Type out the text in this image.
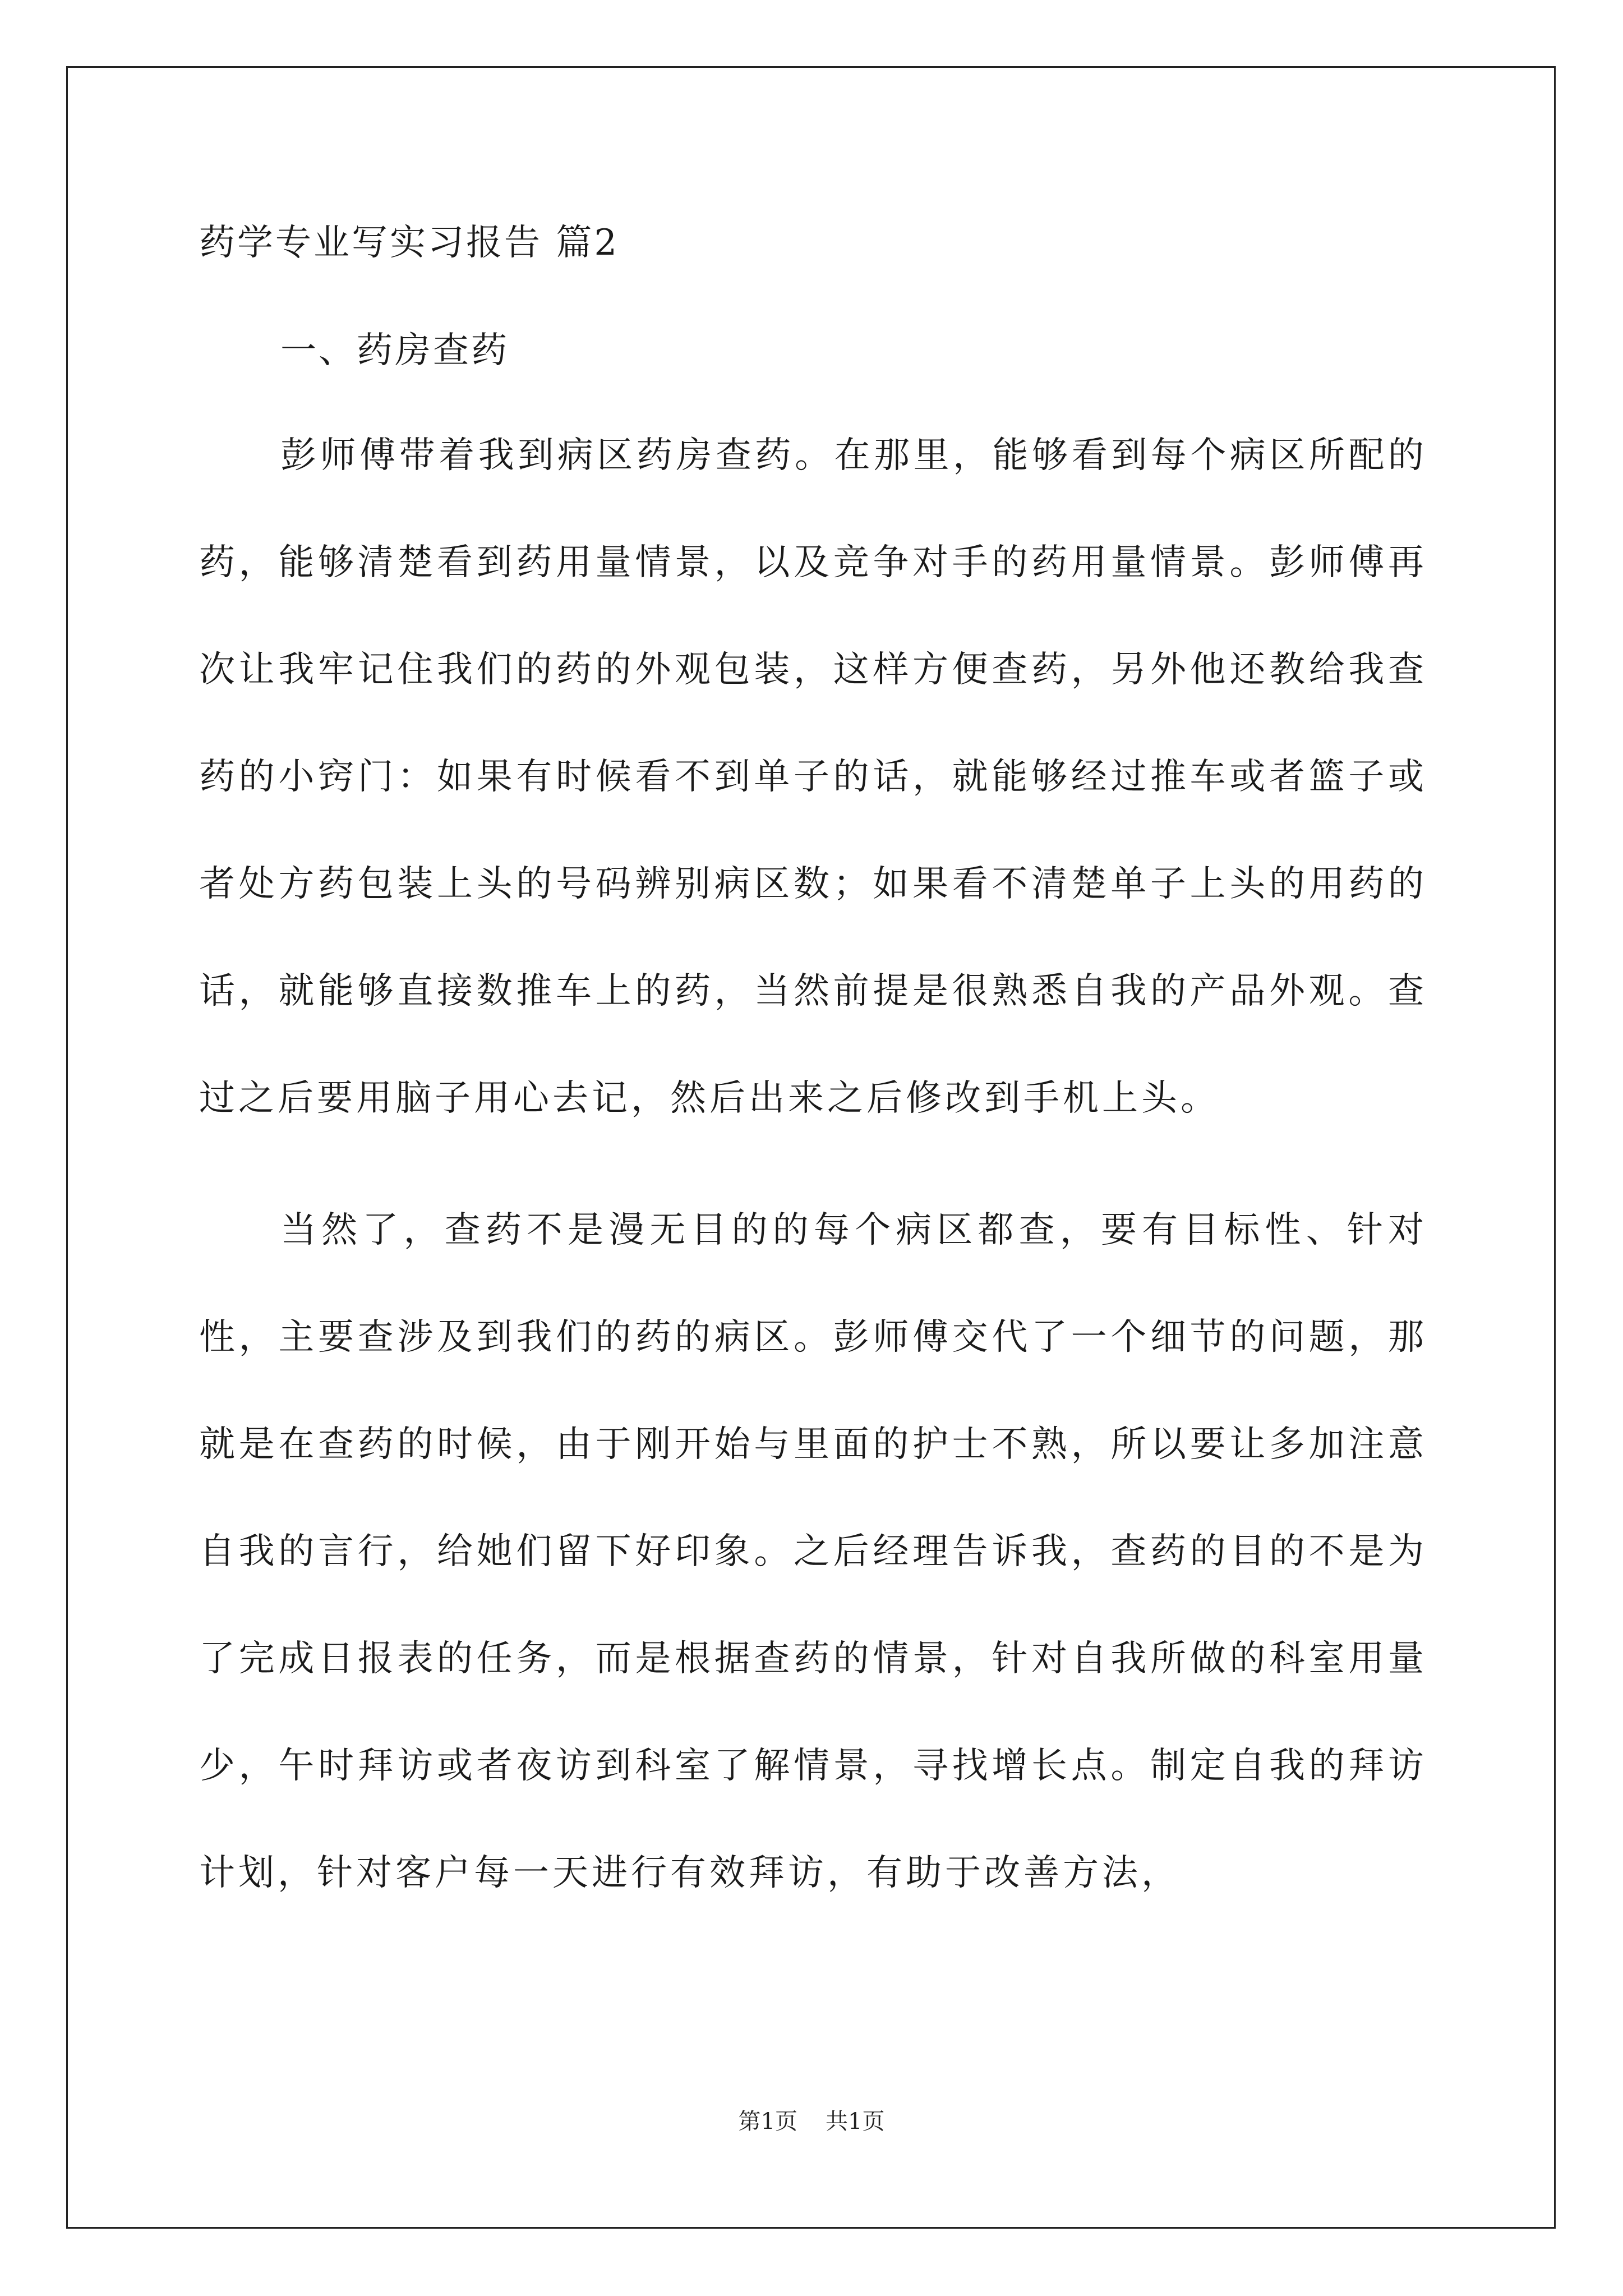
药学专业写实习报告 篇2
一、药房查药

彭师傅带着我到病区药房查药。在那里，能够看到每个病区所配的药，能够清楚看到药用量情景，以及竞争对手的药用量情景。彭师傅再次让我牢记住我们的药的外观包装，这样方便查药，另外他还教给我查药的小窍门：如果有时候看不到单子的话，就能够经过推车或者篮子或者处方药包装上头的号码辨别病区数；如果看不清楚单子上头的用药的话，就能够直接数推车上的药，当然前提是很熟悉自我的产品外观。查过之后要用脑子用心去记，然后出来之后修改到手机上头。

当然了，查药不是漫无目的的每个病区都查，要有目标性、针对性，主要查涉及到我们的药的病区。彭师傅交代了一个细节的问题，那就是在查药的时候，由于刚开始与里面的护士不熟，所以要让多加注意自我的言行，给她们留下好印象。之后经理告诉我，查药的目的不是为了完成日报表的任务，而是根据查药的情景，针对自我所做的科室用量少，午时拜访或者夜访到科室了解情景，寻找增长点。制定自我的拜访计划，针对客户每一天进行有效拜访，有助于改善方法，

第1页 共1页
